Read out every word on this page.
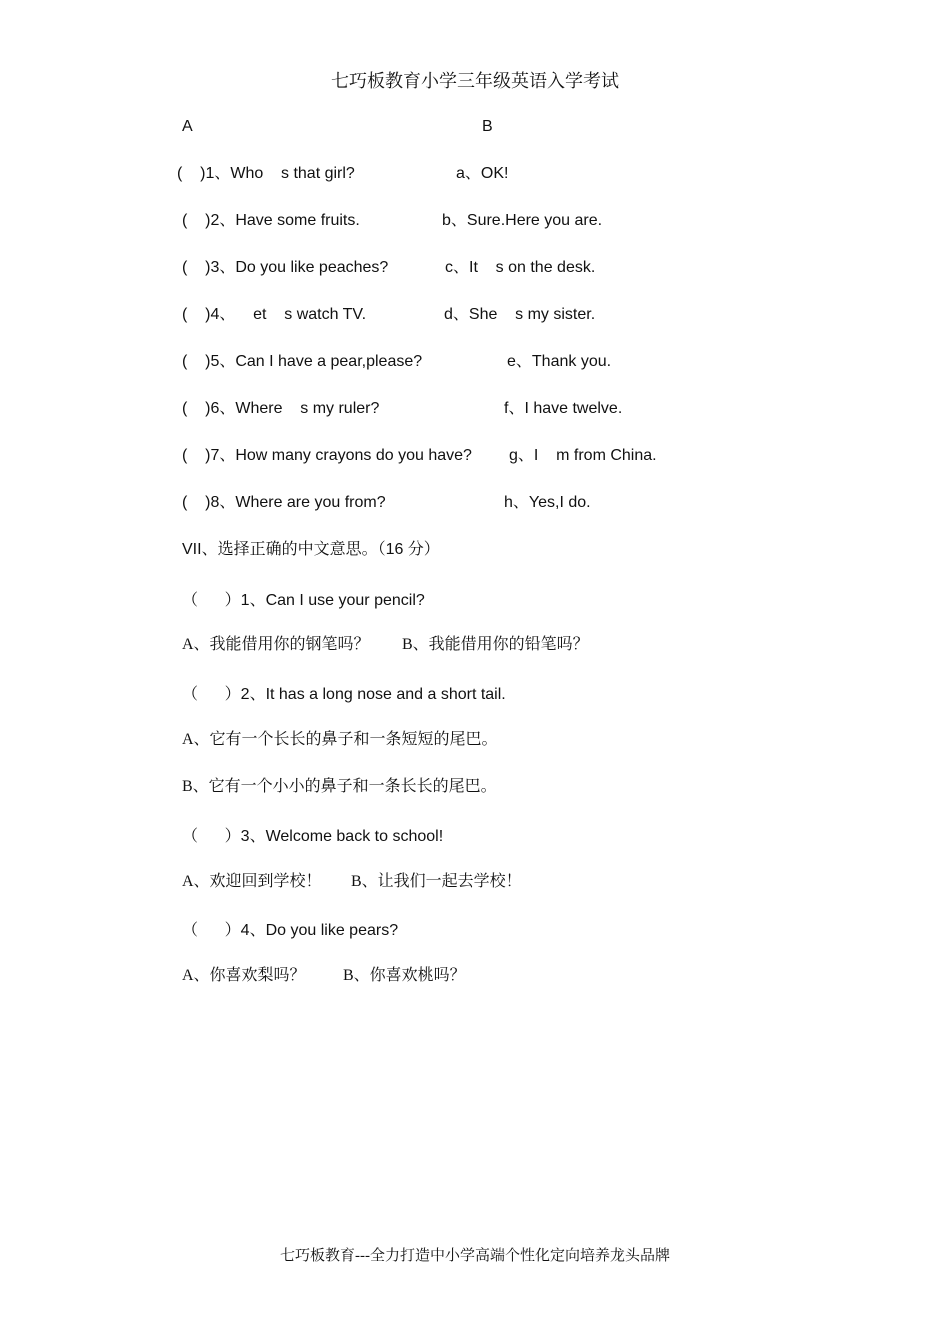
七巧板教育小学三年级英语入学考试
A	B
(    )1、Who    s that girl?	a、OK!
(    )2、Have some fruits.	b、Sure.Here you are.
(    )3、Do you like peaches?	c、It    s on the desk.
(    )4、    et    s watch TV.	d、She    s my sister.
(    )5、Can I have a pear,please?	e、Thank you.
(    )6、Where    s my ruler?	f、I have twelve.
(    )7、How many crayons do you have? g、I    m from China.
(    )8、Where are you from?	h、Yes,I do.
VII、选择正确的中文意思。（16 分）
（      ）1、Can I use your pencil?
A、我能借用你的钢笔吗？ B、我能借用你的铅笔吗？
（      ）2、It has a long nose and a short tail.
A、它有一个长长的鼻子和一条短短的尾巴。
B、它有一个小小的鼻子和一条长长的尾巴。
（      ）3、Welcome back to school!
A、欢迎回到学校！ B、让我们一起去学校！
（      ）4、Do you like pears?
A、你喜欢梨吗？ B、你喜欢桃吗？
七巧板教育---全力打造中小学高端个性化定向培养龙头品牌
